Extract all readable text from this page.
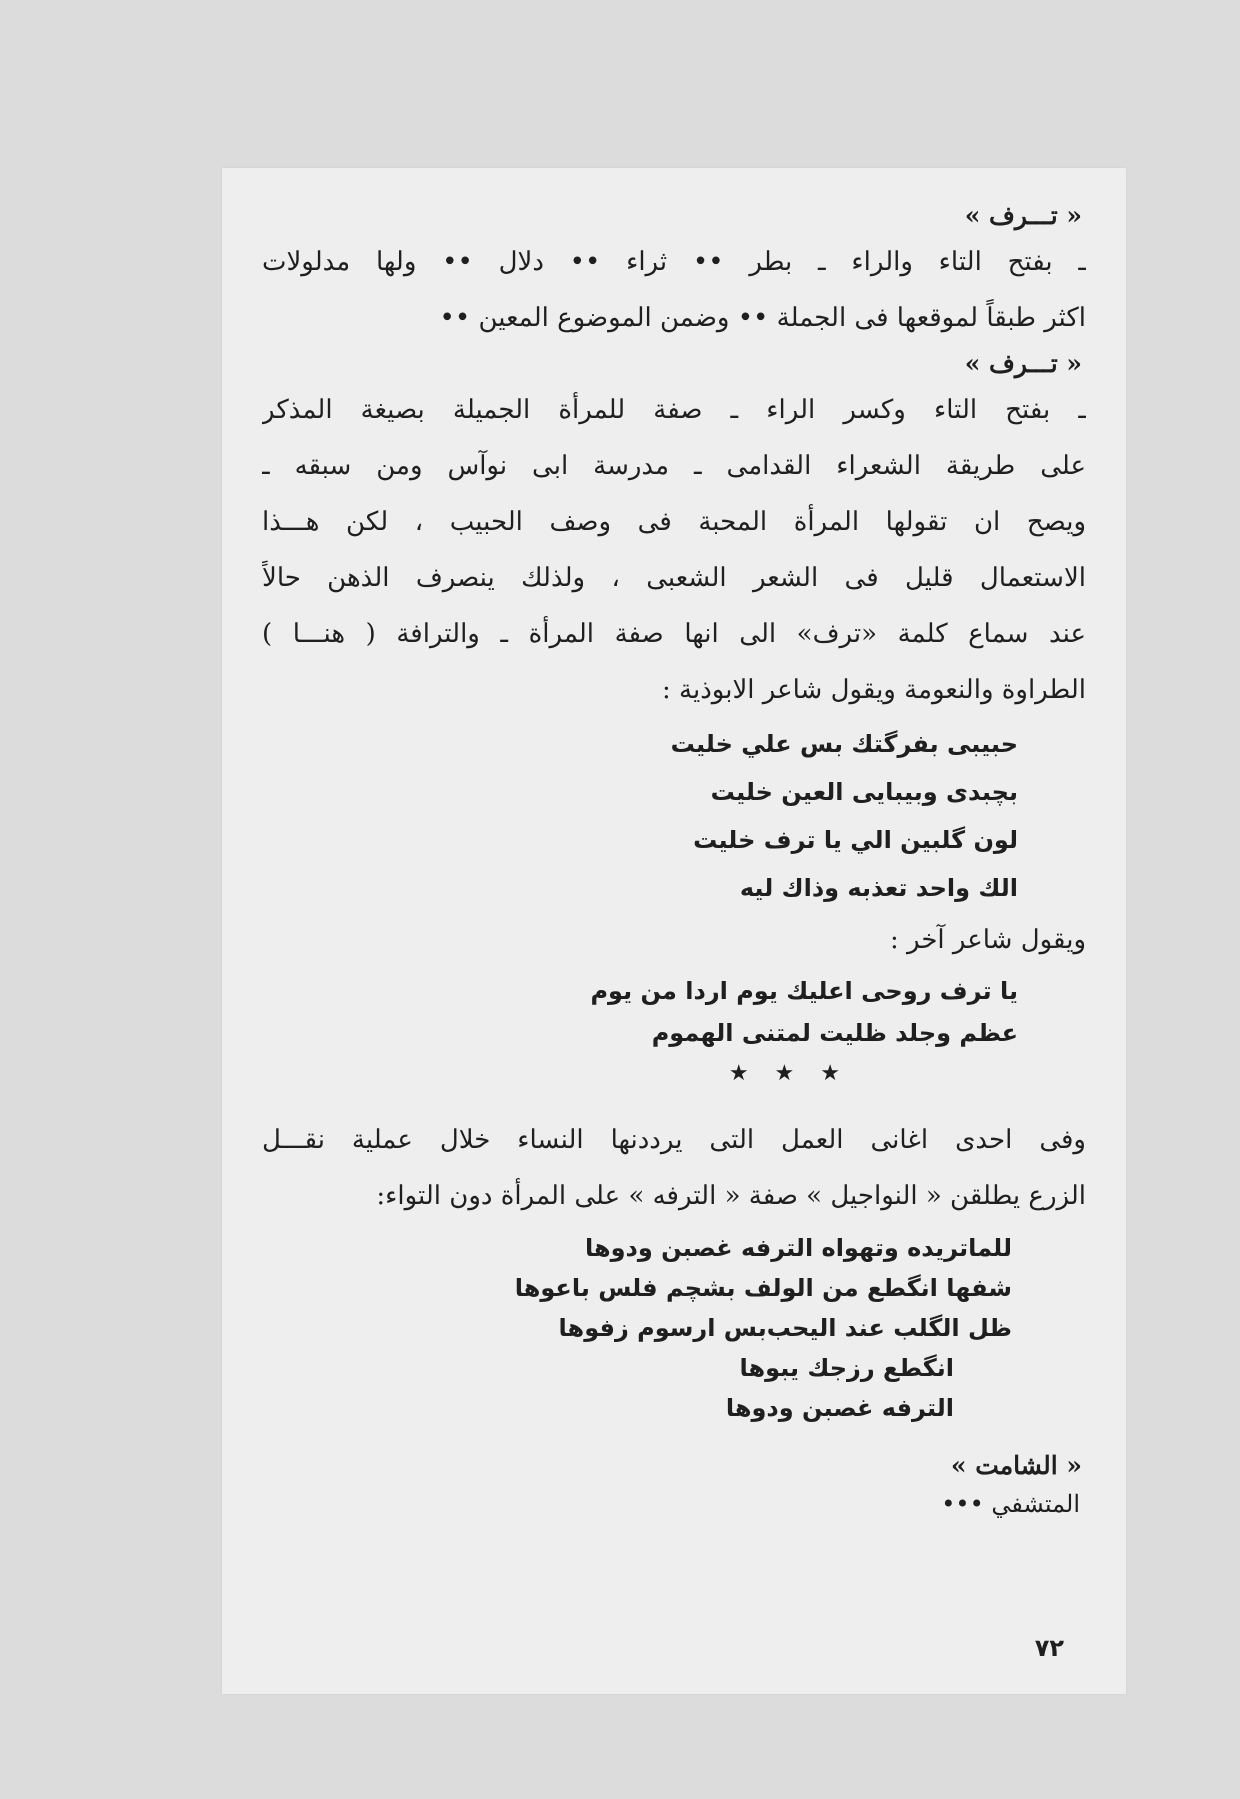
« تـــرف »
ـ بفتح التاء والراء ـ بطر •• ثراء •• دلال •• ولها مدلولات
اكثر طبقاً لموقعها فى الجملة •• وضمن الموضوع المعين ••
« تـــرف »
ـ بفتح التاء وكسر الراء ـ صفة للمرأة الجميلة بصيغة المذكر
على طريقة الشعراء القدامى ـ مدرسة ابى نوآس ومن سبقه ـ
ويصح ان تقولها المرأة المحبة فى وصف الحبيب ، لكن هـــذا
الاستعمال قليل فى الشعر الشعبى ، ولذلك ينصرف الذهن حالاً
عند سماع كلمة «ترف» الى انها صفة المرأة ـ والترافة ( هنـــا )
الطراوة والنعومة ويقول شاعر الابوذية :
حبيبى بفرگتك بس علي خليت
بچبدى وبيبايى العين خليت
لون گلبين الي يا ترف خليت
الك واحد تعذبه وذاك ليه
ويقول شاعر آخر :
يا ترف روحى اعليك يوم اردا من يوم
عظم وجلد ظليت لمتنى الهموم
★★★
وفى احدى اغانى العمل التى يرددنها النساء خلال عملية نقـــل
الزرع يطلقن « النواجيل » صفة « الترفه » على المرأة دون التواء:
للماتريده وتهواه الترفه غصبن ودوها
شفها انگطع من الولف بشچم فلس باعوها
ظل الگلب عند اليحب‌بس ارسوم زفوها
انگطع رزجك يبوها
الترفه غصبن ودوها
« الشامت »
المتشفي •••
٧٢
